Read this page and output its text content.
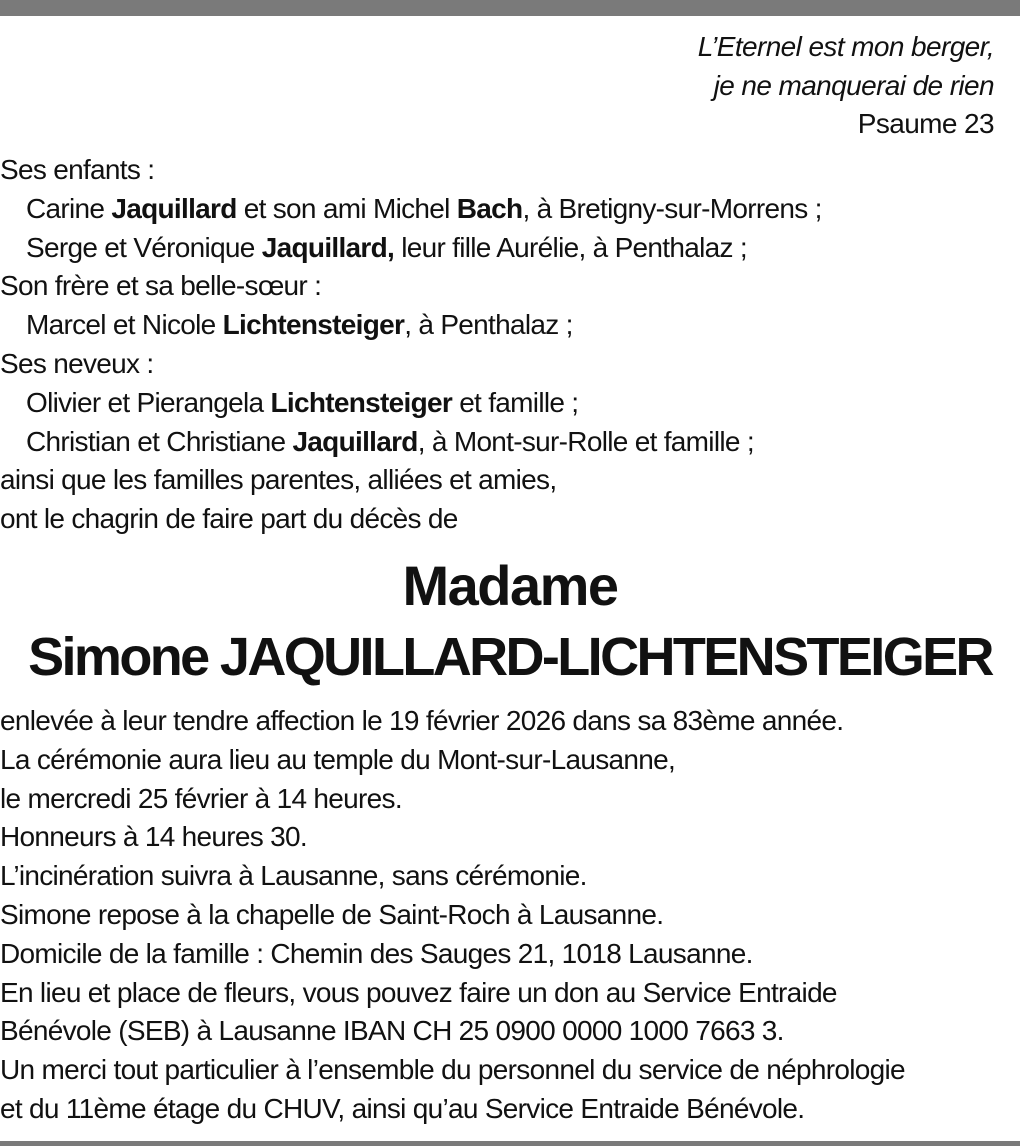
L’Eternel est mon berger,
je ne manquerai de rien
Psaume 23
Ses enfants :
Carine Jaquillard et son ami Michel Bach, à Bretigny-sur-Morrens ;
Serge et Véronique Jaquillard, leur fille Aurélie, à Penthalaz ;
Son frère et sa belle-sœur :
Marcel et Nicole Lichtensteiger, à Penthalaz ;
Ses neveux :
Olivier et Pierangela Lichtensteiger et famille ;
Christian et Christiane Jaquillard, à Mont-sur-Rolle et famille ;
ainsi que les familles parentes, alliées et amies,
ont le chagrin de faire part du décès de
Madame
Simone JAQUILLARD-LICHTENSTEIGER
enlevée à leur tendre affection le 19 février 2026 dans sa 83ème année.
La cérémonie aura lieu au temple du Mont-sur-Lausanne,
le mercredi 25 février à 14 heures.
Honneurs à 14 heures 30.
L’incinération suivra à Lausanne, sans cérémonie.
Simone repose à la chapelle de Saint-Roch à Lausanne.
Domicile de la famille : Chemin des Sauges 21, 1018 Lausanne.
En lieu et place de fleurs, vous pouvez faire un don au Service Entraide
Bénévole (SEB) à Lausanne IBAN CH 25 0900 0000 1000 7663 3.
Un merci tout particulier à l’ensemble du personnel du service de néphrologie
et du 11ème étage du CHUV, ainsi qu’au Service Entraide Bénévole.
